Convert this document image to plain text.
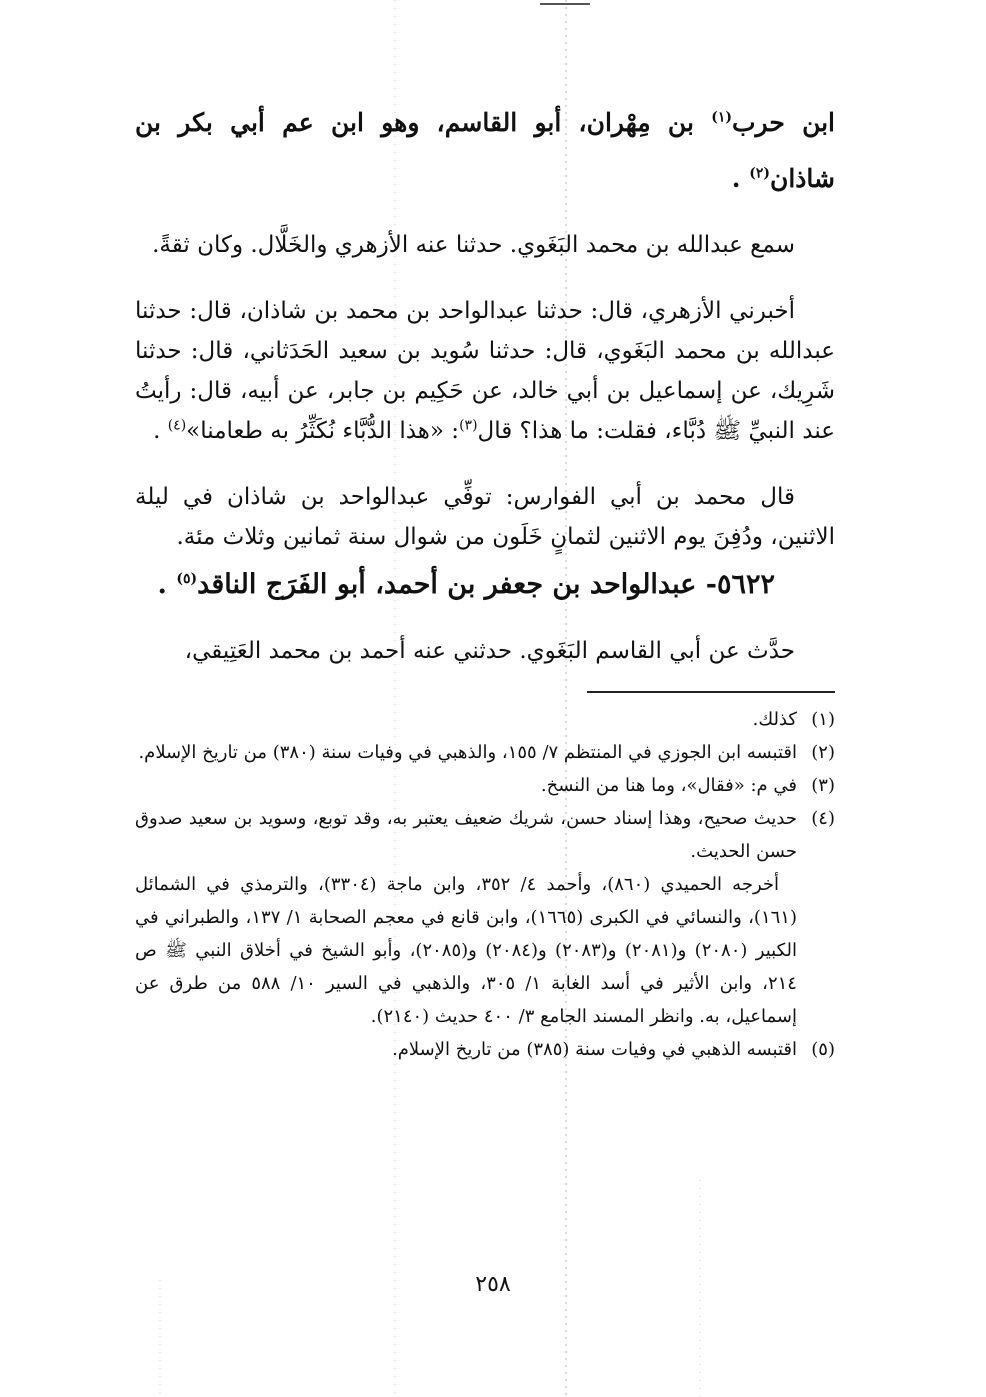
ابن حرب$^{(١)}$ بن مِهْران، أبو القاسم، وهو ابن عم أبي بكر بن شاذان$^{(٢)}$ .

سمع عبدالله بن محمد البَغَوي. حدثنا عنه الأزهري والخَلَّال. وكان ثقةً.

أخبرني الأزهري، قال: حدثنا عبدالواحد بن محمد بن شاذان، قال: حدثنا عبدالله بن محمد البَغَوي، قال: حدثنا سُويد بن سعيد الحَدَثاني، قال: حدثنا شَرِيك، عن إسماعيل بن أبي خالد، عن حَكِيم بن جابر، عن أبيه، قال: رأيتُ عند النبيِّ ﷺ دُبَّاء، فقلت: ما هذا؟ قال$^{(٣)}$: «هذا الدُّبَّاء نُكَثِّرُ به طعامنا»$^{(٤)}$ .

قال محمد بن أبي الفوارس: توفِّي عبدالواحد بن شاذان في ليلة الاثنين، ودُفِنَ يوم الاثنين لثمانٍ خَلَون من شوال سنة ثمانين وثلاث مئة.

٥٦٢٢- عبدالواحد بن جعفر بن أحمد، أبو الفَرَج الناقد$^{(٥)}$ .

حدَّث عن أبي القاسم البَغَوي. حدثني عنه أحمد بن محمد العَتِيقي،

(١)
كذلك.
(٢)
اقتبسه ابن الجوزي في المنتظم ٧/ ١٥٥، والذهبي في وفيات سنة (٣٨٠) من تاريخ الإسلام.
(٣)
في م: «فقال»، وما هنا من النسخ.
(٤)
حديث صحيح، وهذا إسناد حسن، شريك ضعيف يعتبر به، وقد توبع، وسويد بن سعيد صدوق حسن الحديث.
أخرجه الحميدي (٨٦٠)، وأحمد ٤/ ٣٥٢، وابن ماجة (٣٣٠٤)، والترمذي في الشمائل (١٦١)، والنسائي في الكبرى (١٦٦٥)، وابن قانع في معجم الصحابة ١/ ١٣٧، والطبراني في الكبير (٢٠٨٠) و(٢٠٨١) و(٢٠٨٣) و(٢٠٨٤) و(٢٠٨٥)، وأبو الشيخ في أخلاق النبي ﷺ ص ٢١٤، وابن الأثير في أسد الغابة ١/ ٣٠٥، والذهبي في السير ١٠/ ٥٨٨ من طرق عن إسماعيل، به. وانظر المسند الجامع ٣/ ٤٠٠ حديث (٢١٤٠).
(٥)
اقتبسه الذهبي في وفيات سنة (٣٨٥) من تاريخ الإسلام.
٢٥٨
